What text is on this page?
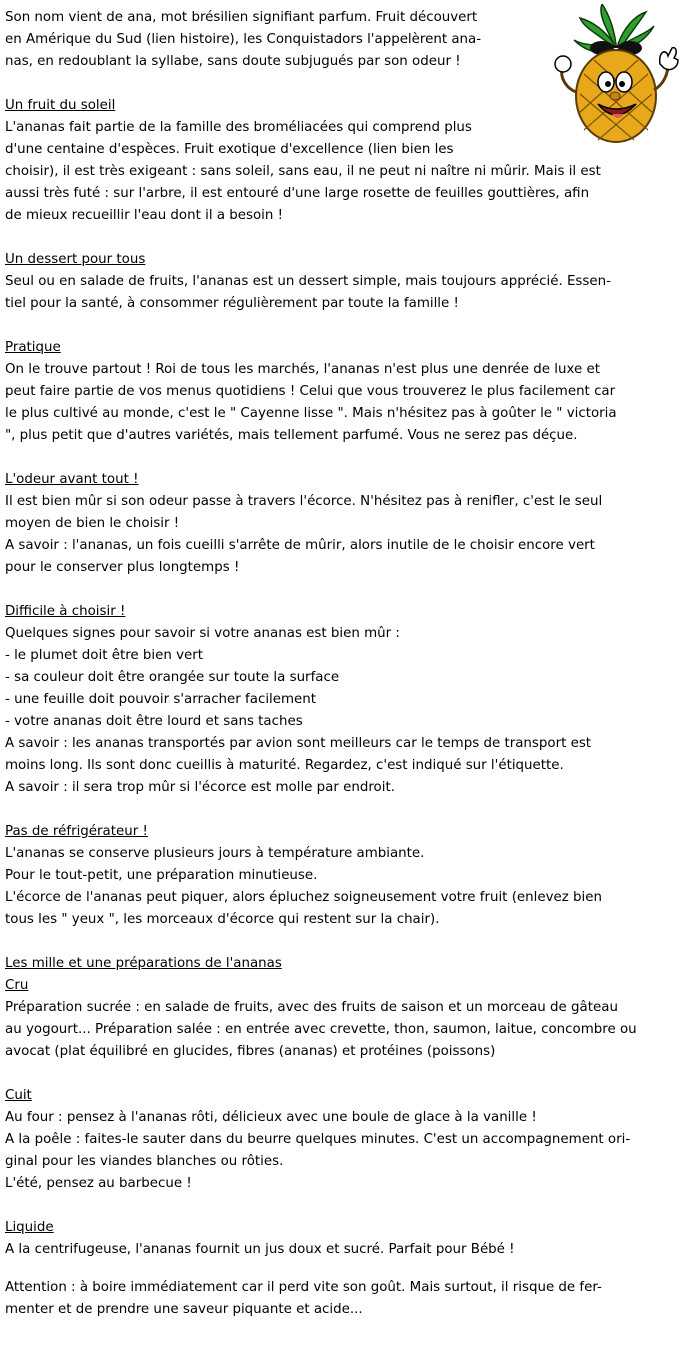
Son nom vient de ana, mot brésilien signifiant parfum. Fruit découvert

en Amérique du Sud (lien histoire), les Conquistadors l'appelèrent ana-

nas, en redoublant la syllabe, sans doute subjugués par son odeur !

Un fruit du soleil

L'ananas fait partie de la famille des broméliacées qui comprend plus

d'une centaine d'espèces. Fruit exotique d'excellence (lien bien les

choisir), il est très exigeant : sans soleil, sans eau, il ne peut ni naître ni mûrir. Mais il est

aussi très futé : sur l'arbre, il est entouré d'une large rosette de feuilles gouttières, afin

de mieux recueillir l'eau dont il a besoin !

Un dessert pour tous

Seul ou en salade de fruits, l'ananas est un dessert simple, mais toujours apprécié. Essen-

tiel pour la santé, à consommer régulièrement par toute la famille !

Pratique

On le trouve partout ! Roi de tous les marchés, l'ananas n'est plus une denrée de luxe et

peut faire partie de vos menus quotidiens ! Celui que vous trouverez le plus facilement car

le plus cultivé au monde, c'est le " Cayenne lisse ". Mais n'hésitez pas à goûter le " victoria

", plus petit que d'autres variétés, mais tellement parfumé. Vous ne serez pas déçue.

L'odeur avant tout !

Il est bien mûr si son odeur passe à travers l'écorce. N'hésitez pas à renifler, c'est le seul

moyen de bien le choisir !

A savoir : l'ananas, un fois cueilli s'arrête de mûrir, alors inutile de le choisir encore vert

pour le conserver plus longtemps !

Difficile à choisir !

Quelques signes pour savoir si votre ananas est bien mûr :

- le plumet doit être bien vert

- sa couleur doit être orangée sur toute la surface

- une feuille doit pouvoir s'arracher facilement

- votre ananas doit être lourd et sans taches

A savoir : les ananas transportés par avion sont meilleurs car le temps de transport est

moins long. Ils sont donc cueillis à maturité. Regardez, c'est indiqué sur l'étiquette.

A savoir : il sera trop mûr si l'écorce est molle par endroit.

Pas de réfrigérateur !

L'ananas se conserve plusieurs jours à température ambiante.

Pour le tout-petit, une préparation minutieuse.

L'écorce de l'ananas peut piquer, alors épluchez soigneusement votre fruit (enlevez bien

tous les " yeux ", les morceaux d'écorce qui restent sur la chair).

Les mille et une préparations de l'ananas

Cru

Préparation sucrée : en salade de fruits, avec des fruits de saison et un morceau de gâteau

au yogourt... Préparation salée : en entrée avec crevette, thon, saumon, laitue, concombre ou

avocat (plat équilibré en glucides, fibres (ananas) et protéines (poissons)

Cuit

Au four : pensez à l'ananas rôti, délicieux avec une boule de glace à la vanille !

A la poêle : faites-le sauter dans du beurre quelques minutes. C'est un accompagnement ori-

ginal pour les viandes blanches ou rôties.

L'été, pensez au barbecue !

Liquide

A la centrifugeuse, l'ananas fournit un jus doux et sucré. Parfait pour Bébé !

Attention : à boire immédiatement car il perd vite son goût. Mais surtout, il risque de fer-

menter et de prendre une saveur piquante et acide...
